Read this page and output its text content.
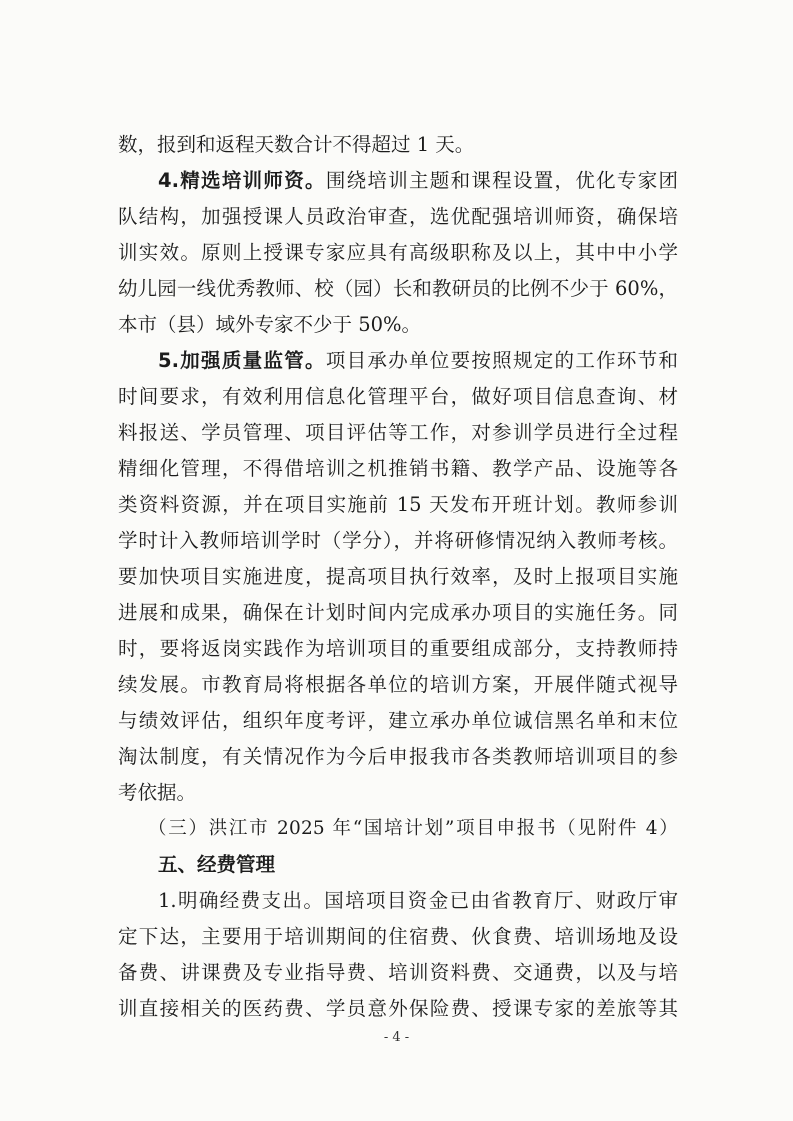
数，报到和返程天数合计不得超过 1 天。
4.精选培训师资。围绕培训主题和课程设置，优化专家团
队结构，加强授课人员政治审查，选优配强培训师资，确保培
训实效。原则上授课专家应具有高级职称及以上，其中中小学
幼儿园一线优秀教师、校（园）长和教研员的比例不少于 60%，
本市（县）域外专家不少于 50%。
5.加强质量监管。项目承办单位要按照规定的工作环节和
时间要求，有效利用信息化管理平台，做好项目信息查询、材
料报送、学员管理、项目评估等工作，对参训学员进行全过程
精细化管理，不得借培训之机推销书籍、教学产品、设施等各
类资料资源，并在项目实施前 15 天发布开班计划。教师参训
学时计入教师培训学时（学分），并将研修情况纳入教师考核。
要加快项目实施进度，提高项目执行效率，及时上报项目实施
进展和成果，确保在计划时间内完成承办项目的实施任务。同
时，要将返岗实践作为培训项目的重要组成部分，支持教师持
续发展。市教育局将根据各单位的培训方案，开展伴随式视导
与绩效评估，组织年度考评，建立承办单位诚信黑名单和末位
淘汰制度，有关情况作为今后申报我市各类教师培训项目的参
考依据。
（三）洪江市 2025 年“国培计划”项目申报书（见附件 4）
五、经费管理
1.明确经费支出。国培项目资金已由省教育厅、财政厅审
定下达，主要用于培训期间的住宿费、伙食费、培训场地及设
备费、讲课费及专业指导费、培训资料费、交通费，以及与培
训直接相关的医药费、学员意外保险费、授课专家的差旅等其
- 4 -
